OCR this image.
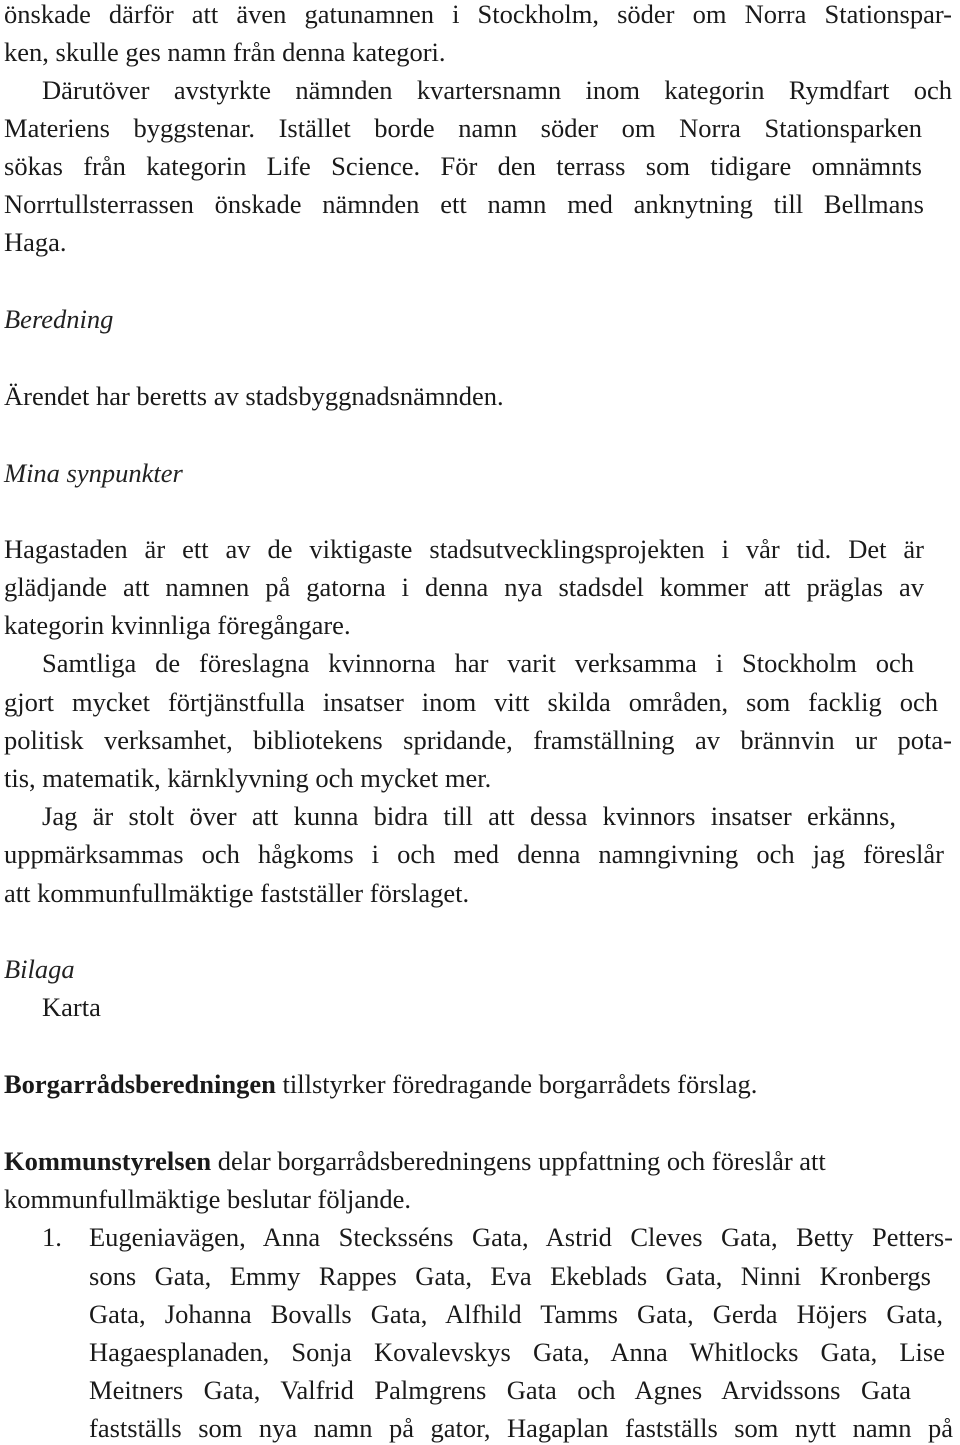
önskade därför att även gatunamnen i Stockholm, söder om Norra Stationspar-
ken, skulle ges namn från denna kategori.
Därutöver avstyrkte nämnden kvartersnamn inom kategorin Rymdfart och
Materiens byggstenar. Istället borde namn söder om Norra Stationsparken
sökas från kategorin Life Science. För den terrass som tidigare omnämnts
Norrtullsterrassen önskade nämnden ett namn med anknytning till Bellmans
Haga.
Beredning
Ärendet har beretts av stadsbyggnadsnämnden.
Mina synpunkter
Hagastaden är ett av de viktigaste stadsutvecklingsprojekten i vår tid. Det är
glädjande att namnen på gatorna i denna nya stadsdel kommer att präglas av
kategorin kvinnliga föregångare.
Samtliga de föreslagna kvinnorna har varit verksamma i Stockholm och
gjort mycket förtjänstfulla insatser inom vitt skilda områden, som facklig och
politisk verksamhet, bibliotekens spridande, framställning av brännvin ur pota-
tis, matematik, kärnklyvning och mycket mer.
Jag är stolt över att kunna bidra till att dessa kvinnors insatser erkänns,
uppmärksammas och hågkoms i och med denna namngivning och jag föreslår
att kommunfullmäktige fastställer förslaget.
Bilaga
Karta
Borgarrådsberedningen tillstyrker föredragande borgarrådets förslag.
Kommunstyrelsen delar borgarrådsberedningens uppfattning och föreslår att
kommunfullmäktige beslutar följande.
1. Eugeniavägen, Anna Stecksséns Gata, Astrid Cleves Gata, Betty Petters-
sons Gata, Emmy Rappes Gata, Eva Ekeblads Gata, Ninni Kronbergs
Gata, Johanna Bovalls Gata, Alfhild Tamms Gata, Gerda Höjers Gata,
Hagaesplanaden, Sonja Kovalevskys Gata, Anna Whitlocks Gata, Lise
Meitners Gata, Valfrid Palmgrens Gata och Agnes Arvidssons Gata
fastställs som nya namn på gator, Hagaplan fastställs som nytt namn på
